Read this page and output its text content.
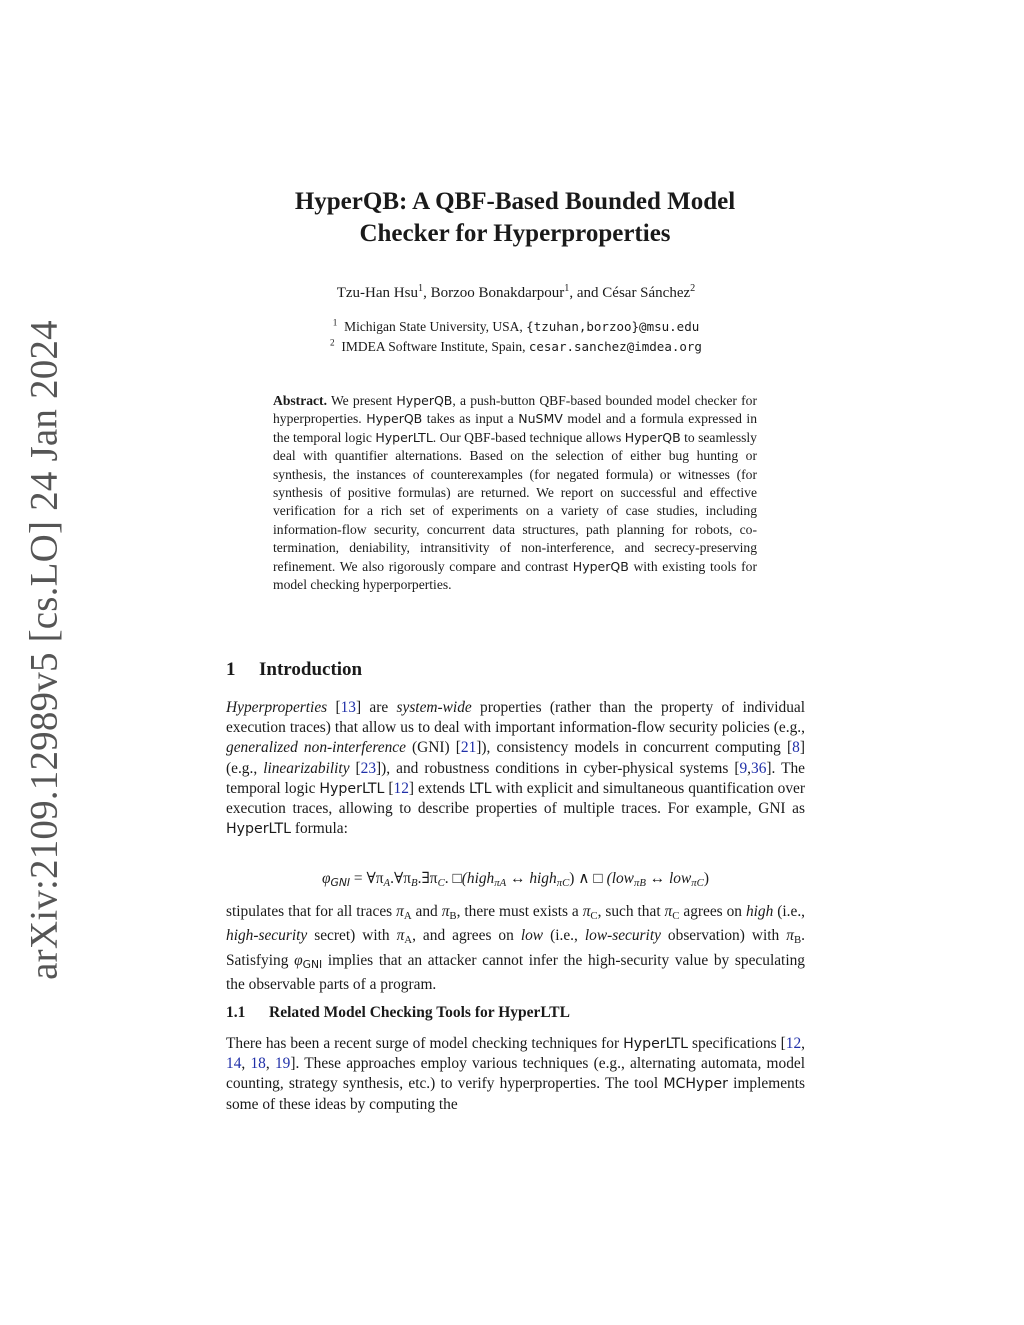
arXiv:2109.12989v5 [cs.LO] 24 Jan 2024
HyperQB: A QBF-Based Bounded Model
Checker for Hyperproperties
Tzu-Han Hsu$^1$, Borzoo Bonakdarpour$^1$, and César Sánchez$^2$
$^1$ Michigan State University, USA, {tzuhan,borzoo}@msu.edu
$^2$ IMDEA Software Institute, Spain, cesar.sanchez@imdea.org
Abstract. We present HyperQB, a push-button QBF-based bounded model checker for hyperproperties. HyperQB takes as input a NuSMV model and a formula expressed in the temporal logic HyperLTL. Our QBF-based technique allows HyperQB to seamlessly deal with quantifier alternations. Based on the selection of either bug hunting or synthesis, the instances of counterexamples (for negated formula) or witnesses (for synthesis of positive formulas) are returned. We report on successful and effective verification for a rich set of experiments on a variety of case studies, including information-flow security, concurrent data structures, path planning for robots, co-termination, deniability, intransitivity of non-interference, and secrecy-preserving refinement. We also rigorously compare and contrast HyperQB with existing tools for model checking hyperporperties.
1 Introduction
Hyperproperties [13] are system-wide properties (rather than the property of individual execution traces) that allow us to deal with important information-flow security policies (e.g., generalized non-interference (GNI) [21]), consistency models in concurrent computing [8] (e.g., linearizability [23]), and robustness conditions in cyber-physical systems [9,36]. The temporal logic HyperLTL [12] extends LTL with explicit and simultaneous quantification over execution traces, allowing to describe properties of multiple traces. For example, GNI as HyperLTL formula:
$\varphi_{GNI}$ = $\forall\pi_A.\forall\pi_B.\exists\pi_C$. □(high$_{\pi A}$ ↔ high$_{\pi C}$) ∧ □ (low$_{\pi B}$ ↔ low$_{\pi C}$)
stipulates that for all traces $\pi_A$ and $\pi_B$, there must exists a $\pi_C$, such that $\pi_C$ agrees on high (i.e., high-security secret) with $\pi_A$, and agrees on low (i.e., low-security observation) with $\pi_B$. Satisfying $\varphi_{GNI}$ implies that an attacker cannot infer the high-security value by speculating the observable parts of a program.
1.1 Related Model Checking Tools for HyperLTL
There has been a recent surge of model checking techniques for HyperLTL specifications [12, 14, 18, 19]. These approaches employ various techniques (e.g., alternating automata, model counting, strategy synthesis, etc.) to verify hyperproperties. The tool MCHyper implements some of these ideas by computing the
